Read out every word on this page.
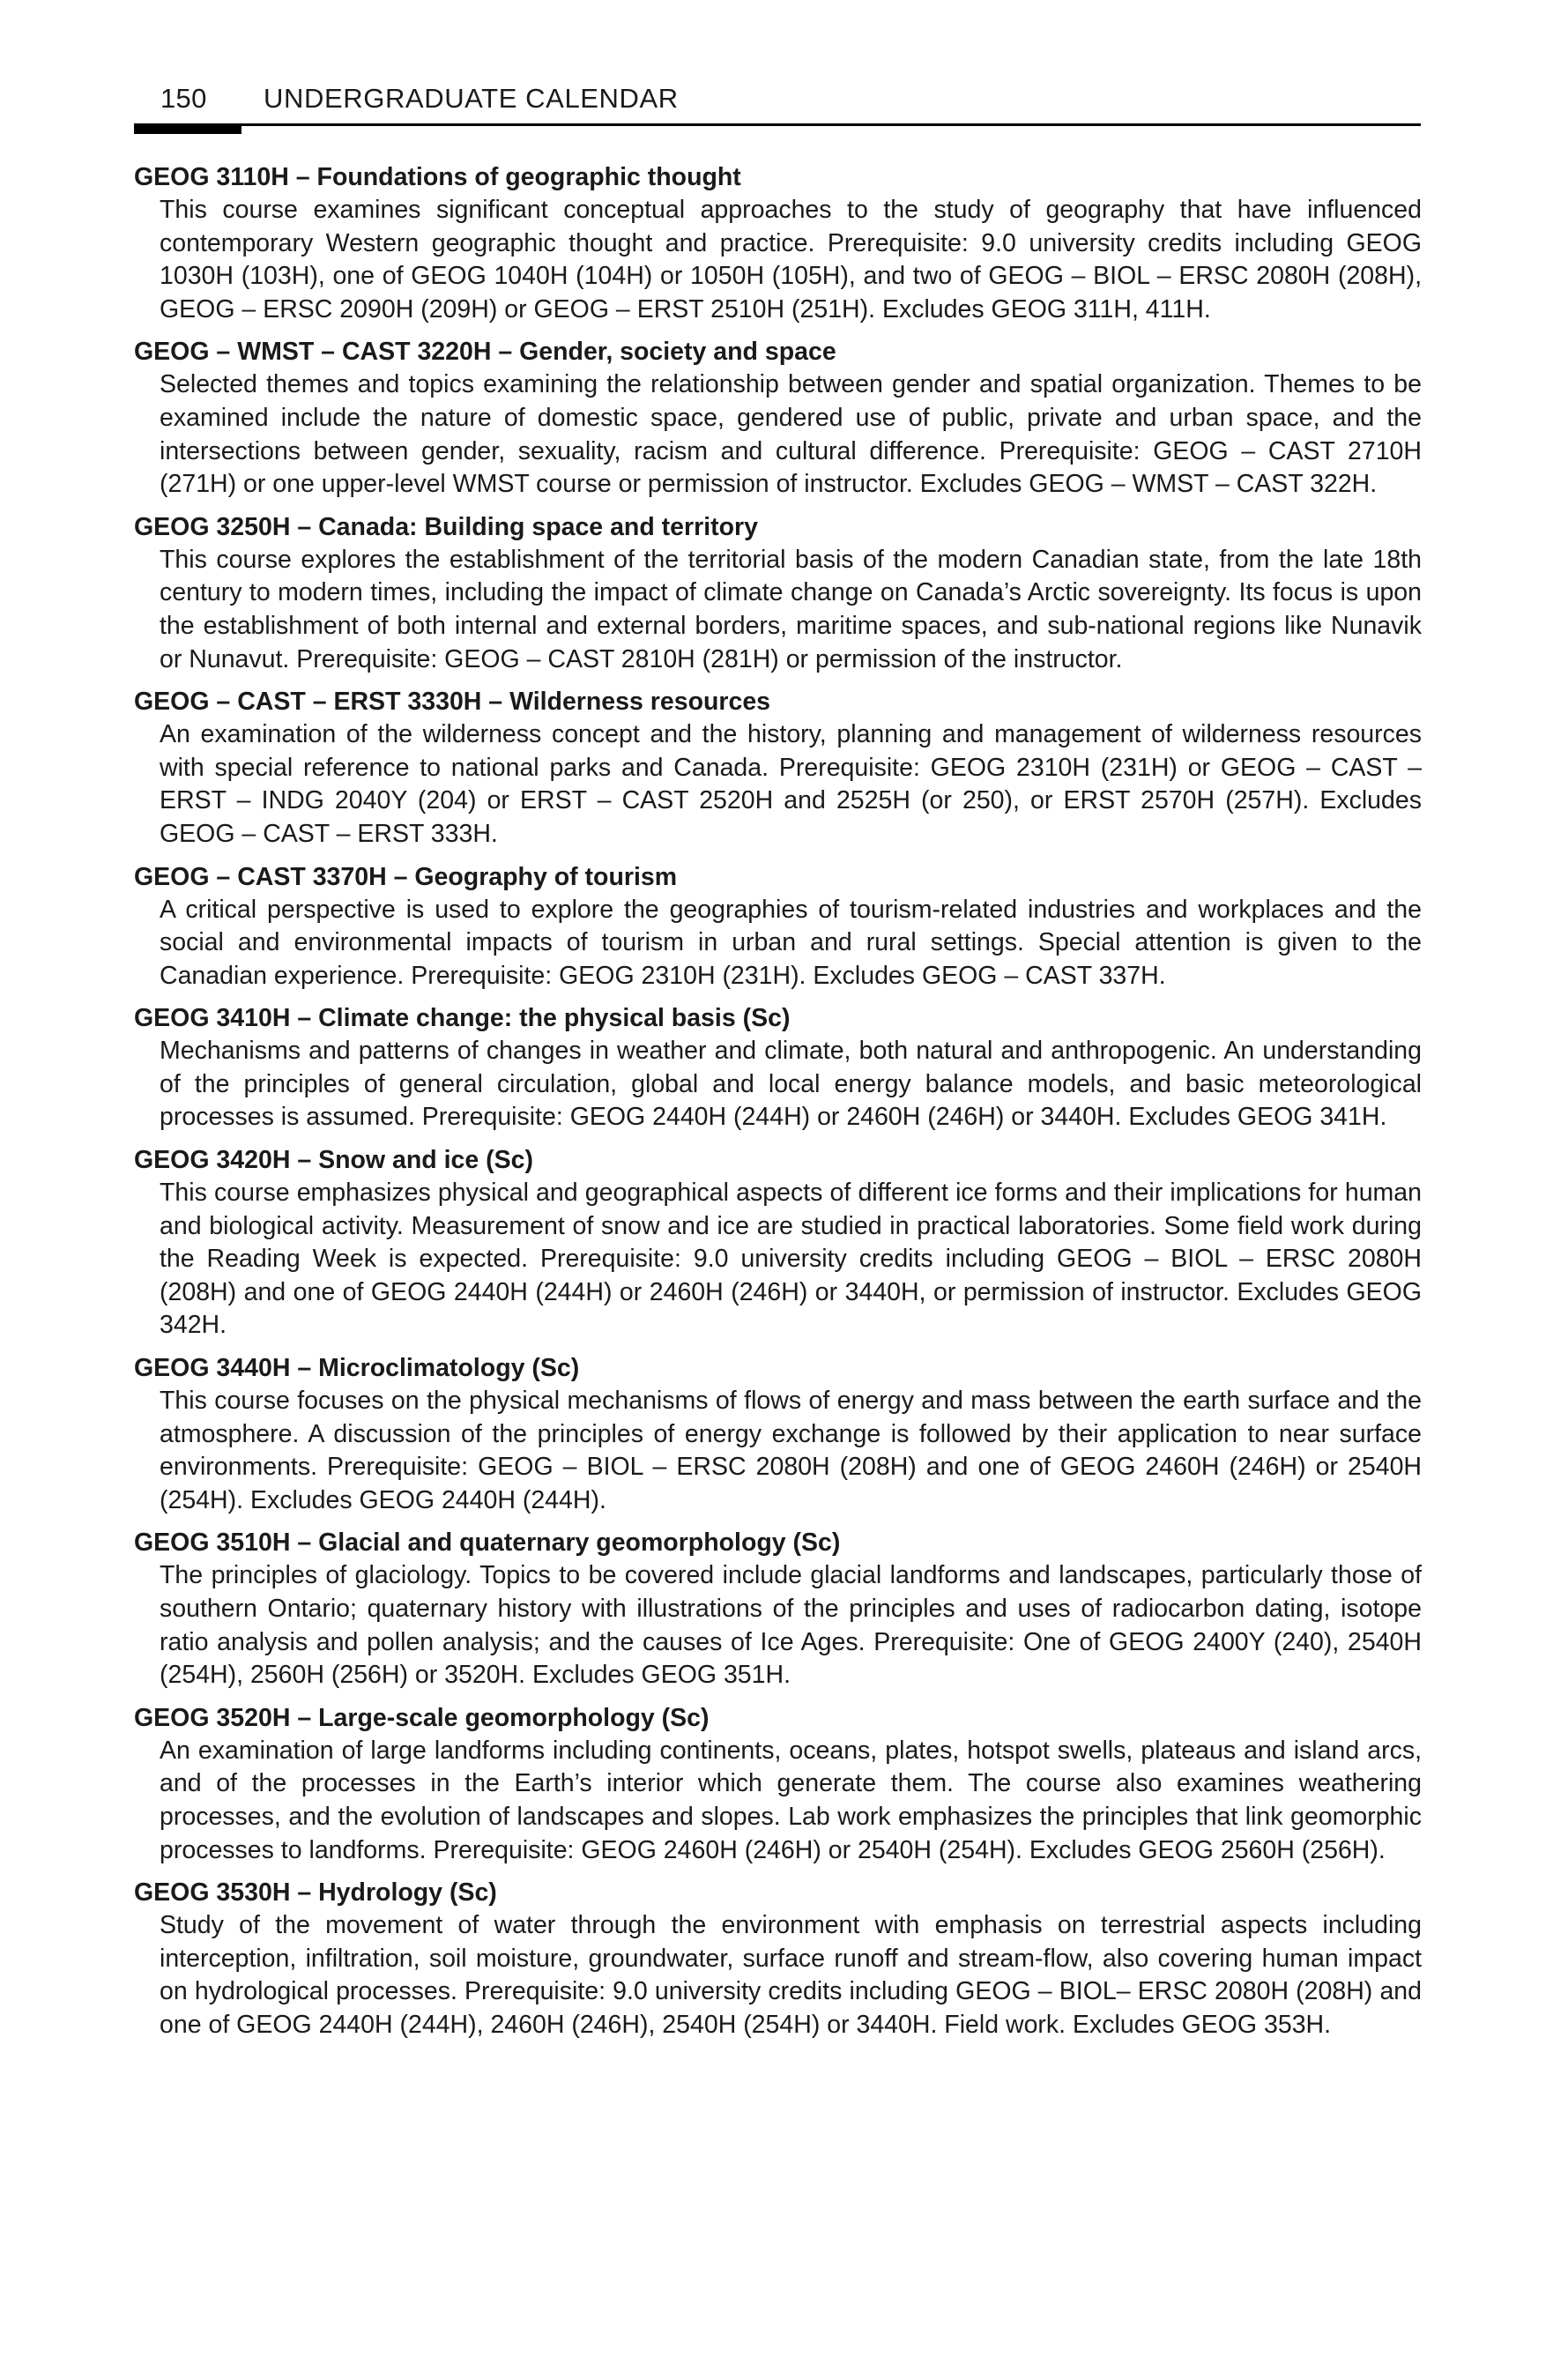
150 UNDERGRADUATE CALENDAR

GEOG 3110H – Foundations of geographic thought

This course examines significant conceptual approaches to the study of geography that have influenced contemporary Western geographic thought and practice. Prerequisite: 9.0 university credits including GEOG 1030H (103H), one of GEOG 1040H (104H) or 1050H (105H), and two of GEOG – BIOL – ERSC 2080H (208H), GEOG – ERSC 2090H (209H) or GEOG – ERST 2510H (251H). Excludes GEOG 311H, 411H.

GEOG – WMST – CAST 3220H – Gender, society and space

Selected themes and topics examining the relationship between gender and spatial organization. Themes to be examined include the nature of domestic space, gendered use of public, private and urban space, and the intersections between gender, sexuality, racism and cultural difference. Prerequisite: GEOG – CAST 2710H (271H) or one upper-level WMST course or permission of instructor. Excludes GEOG – WMST – CAST 322H.

GEOG 3250H – Canada: Building space and territory

This course explores the establishment of the territorial basis of the modern Canadian state, from the late 18th century to modern times, including the impact of climate change on Canada’s Arctic sovereignty. Its focus is upon the establishment of both internal and external borders, maritime spaces, and sub-national regions like Nunavik or Nunavut. Prerequisite: GEOG – CAST 2810H (281H) or permission of the instructor.

GEOG – CAST – ERST 3330H – Wilderness resources

An examination of the wilderness concept and the history, planning and management of wilderness resources with special reference to national parks and Canada. Prerequisite: GEOG 2310H (231H) or GEOG – CAST – ERST – INDG 2040Y (204) or ERST – CAST 2520H and 2525H (or 250), or ERST 2570H (257H). Excludes GEOG – CAST – ERST 333H.

GEOG – CAST 3370H – Geography of tourism

A critical perspective is used to explore the geographies of tourism-related industries and workplaces and the social and environmental impacts of tourism in urban and rural settings. Special attention is given to the Canadian experience. Prerequisite: GEOG 2310H (231H). Excludes GEOG – CAST 337H.

GEOG 3410H – Climate change: the physical basis (Sc)

Mechanisms and patterns of changes in weather and climate, both natural and anthropogenic. An understanding of the principles of general circulation, global and local energy balance models, and basic meteorological processes is assumed. Prerequisite: GEOG 2440H (244H) or 2460H (246H) or 3440H. Excludes GEOG 341H.

GEOG 3420H – Snow and ice (Sc)

This course emphasizes physical and geographical aspects of different ice forms and their implications for human and biological activity. Measurement of snow and ice are studied in practical laboratories. Some field work during the Reading Week is expected. Prerequisite: 9.0 university credits including GEOG – BIOL – ERSC 2080H (208H) and one of GEOG 2440H (244H) or 2460H (246H) or 3440H, or permission of instructor. Excludes GEOG 342H.

GEOG 3440H – Microclimatology (Sc)

This course focuses on the physical mechanisms of flows of energy and mass between the earth surface and the atmosphere. A discussion of the principles of energy exchange is followed by their application to near surface environments. Prerequisite: GEOG – BIOL – ERSC 2080H (208H) and one of GEOG 2460H (246H) or 2540H (254H). Excludes GEOG 2440H (244H).

GEOG 3510H – Glacial and quaternary geomorphology (Sc)

The principles of glaciology. Topics to be covered include glacial landforms and landscapes, particularly those of southern Ontario; quaternary history with illustrations of the principles and uses of radiocarbon dating, isotope ratio analysis and pollen analysis; and the causes of Ice Ages. Prerequisite: One of GEOG 2400Y (240), 2540H (254H), 2560H (256H) or 3520H. Excludes GEOG 351H.

GEOG 3520H – Large-scale geomorphology (Sc)

An examination of large landforms including continents, oceans, plates, hotspot swells, plateaus and island arcs, and of the processes in the Earth’s interior which generate them. The course also examines weathering processes, and the evolution of landscapes and slopes. Lab work emphasizes the principles that link geomorphic processes to landforms. Prerequisite: GEOG 2460H (246H) or 2540H (254H). Excludes GEOG 2560H (256H).

GEOG 3530H – Hydrology (Sc)

Study of the movement of water through the environment with emphasis on terrestrial aspects including interception, infiltration, soil moisture, groundwater, surface runoff and stream-flow, also covering human impact on hydrological processes. Prerequisite: 9.0 university credits including GEOG – BIOL– ERSC 2080H (208H) and one of GEOG 2440H (244H), 2460H (246H), 2540H (254H) or 3440H. Field work. Excludes GEOG 353H.
